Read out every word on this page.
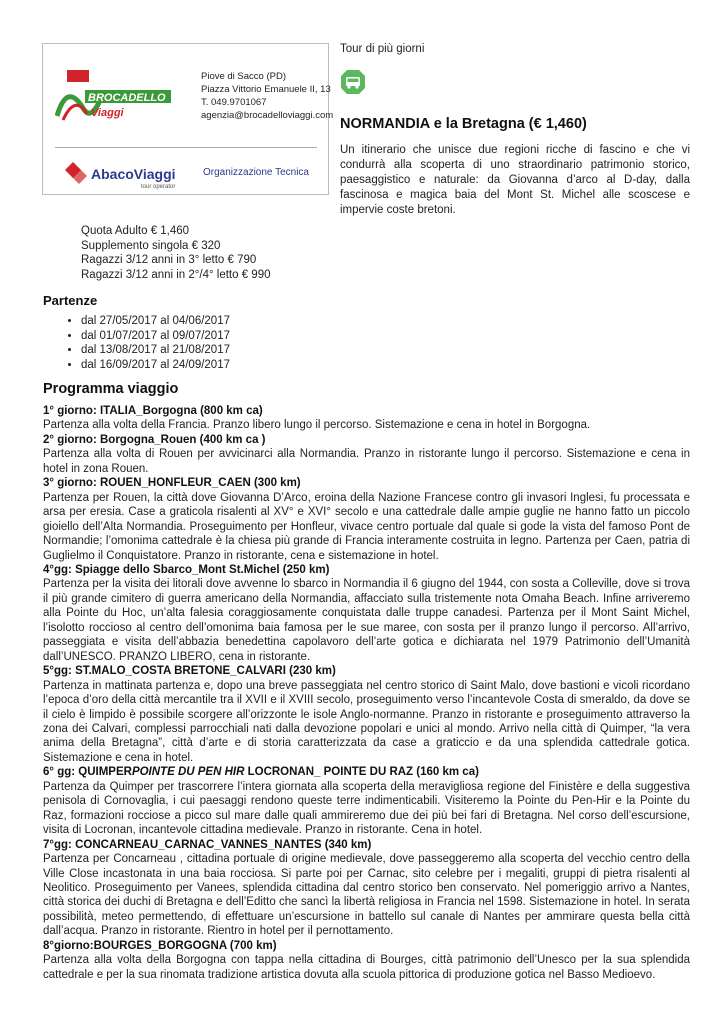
BROCADELLO
Viaggi
Piove di Sacco (PD)
Piazza Vittorio Emanuele II, 13
T. 049.9701067
agenzia@brocadelloviaggi.com
AbacoViaggi
tour operator
Organizzazione Tecnica
Tour di più giorni
NORMANDIA e la Bretagna (€ 1,460)
Un itinerario che unisce due regioni ricche di fascino e che vi condurrà alla scoperta di uno straordinario patrimonio storico, paesaggistico e naturale: da Giovanna d’arco al D-day, dalla fascinosa e magica baia del Mont St. Michel alle scoscese e impervie coste bretoni.
Quota Adulto € 1,460
Supplemento singola € 320
Ragazzi 3/12 anni in 3° letto € 790
Ragazzi 3/12 anni in 2°/4° letto € 990
Partenze
• dal 27/05/2017 al 04/06/2017
• dal 01/07/2017 al 09/07/2017
• dal 13/08/2017 al 21/08/2017
• dal 16/09/2017 al 24/09/2017
Programma viaggio
1° giorno: ITALIA_Borgogna (800 km ca)

Partenza alla volta della Francia. Pranzo libero lungo il percorso. Sistemazione e cena in hotel in Borgogna.

2° giorno: Borgogna_Rouen (400 km ca )

Partenza alla volta di Rouen per avvicinarci alla Normandia. Pranzo in ristorante lungo il percorso. Sistemazione e cena in hotel in zona Rouen.

3° giorno: ROUEN_HONFLEUR_CAEN (300 km)

Partenza per Rouen, la città dove Giovanna D’Arco, eroina della Nazione Francese contro gli invasori Inglesi, fu processata e arsa per eresia. Case a graticola risalenti al XV° e XVI° secolo e una cattedrale dalle ampie guglie ne hanno fatto un piccolo gioiello dell’Alta Normandia. Proseguimento per Honfleur, vivace centro portuale dal quale si gode la vista del famoso Pont de Normandie; l’omonima cattedrale è la chiesa più grande di Francia interamente costruita in legno. Partenza per Caen, patria di Guglielmo il Conquistatore. Pranzo in ristorante, cena e sistemazione in hotel.

4°gg: Spiagge dello Sbarco_Mont St.Michel (250 km)

Partenza per la visita dei litorali dove avvenne lo sbarco in Normandia il 6 giugno del 1944, con sosta a Colleville, dove si trova il più grande cimitero di guerra americano della Normandia, affacciato sulla tristemente nota Omaha Beach. Infine arriveremo alla Pointe du Hoc, un’alta falesia coraggiosamente conquistata dalle truppe canadesi. Partenza per il Mont Saint Michel, l’isolotto roccioso al centro dell’omonima baia famosa per le sue maree, con sosta per il pranzo lungo il percorso. All’arrivo, passeggiata e visita dell’abbazia benedettina capolavoro dell’arte gotica e dichiarata nel 1979 Patrimonio dell’Umanità dall’UNESCO. PRANZO LIBERO, cena in ristorante.

5°gg: ST.MALO_COSTA BRETONE_CALVARI (230 km)

Partenza in mattinata partenza e, dopo una breve passeggiata nel centro storico di Saint Malo, dove bastioni e vicoli ricordano l’epoca d’oro della città mercantile tra il XVII e il XVIII secolo, proseguimento verso l’incantevole Costa di smeraldo, da dove se il cielo è limpido è possibile scorgere all’orizzonte le isole Anglo-normanne. Pranzo in ristorante e proseguimento attraverso la zona dei Calvari, complessi parrocchiali nati dalla devozione popolari e unici al mondo. Arrivo nella città di Quimper, “la vera anima della Bretagna”, città d’arte e di storia caratterizzata da case a graticcio e da una splendida cattedrale gotica. Sistemazione e cena in hotel.

6° gg: QUIMPERPOINTE DU PEN HIR LOCRONAN_ POINTE DU RAZ (160 km ca)

Partenza da Quimper per trascorrere l’intera giornata alla scoperta della meravigliosa regione del Finistère e della suggestiva penisola di Cornovaglia, i cui paesaggi rendono queste terre indimenticabili. Visiteremo la Pointe du Pen-Hir e la Pointe du Raz, formazioni rocciose a picco sul mare dalle quali ammireremo due dei più bei fari di Bretagna. Nel corso dell’escursione, visita di Locronan, incantevole cittadina medievale. Pranzo in ristorante. Cena in hotel.

7°gg: CONCARNEAU_CARNAC_VANNES_NANTES (340 km)

Partenza per Concarneau , cittadina portuale di origine medievale, dove passeggeremo alla scoperta del vecchio centro della Ville Close incastonata in una baia rocciosa. Si parte poi per Carnac, sito celebre per i megaliti, gruppi di pietra risalenti al Neolitico. Proseguimento per Vanees, splendida cittadina dal centro storico ben conservato. Nel pomeriggio arrivo a Nantes, città storica dei duchi di Bretagna e dell’Editto che sancì la libertà religiosa in Francia nel 1598. Sistemazione in hotel. In serata possibilità, meteo permettendo, di effettuare un’escursione in battello sul canale di Nantes per ammirare questa bella città dall’acqua. Pranzo in ristorante. Rientro in hotel per il pernottamento.

8°giorno:BOURGES_BORGOGNA (700 km)

Partenza alla volta della Borgogna con tappa nella cittadina di Bourges, città patrimonio dell’Unesco per la sua splendida cattedrale e per la sua rinomata tradizione artistica dovuta alla scuola pittorica di produzione gotica nel Basso Medioevo.
